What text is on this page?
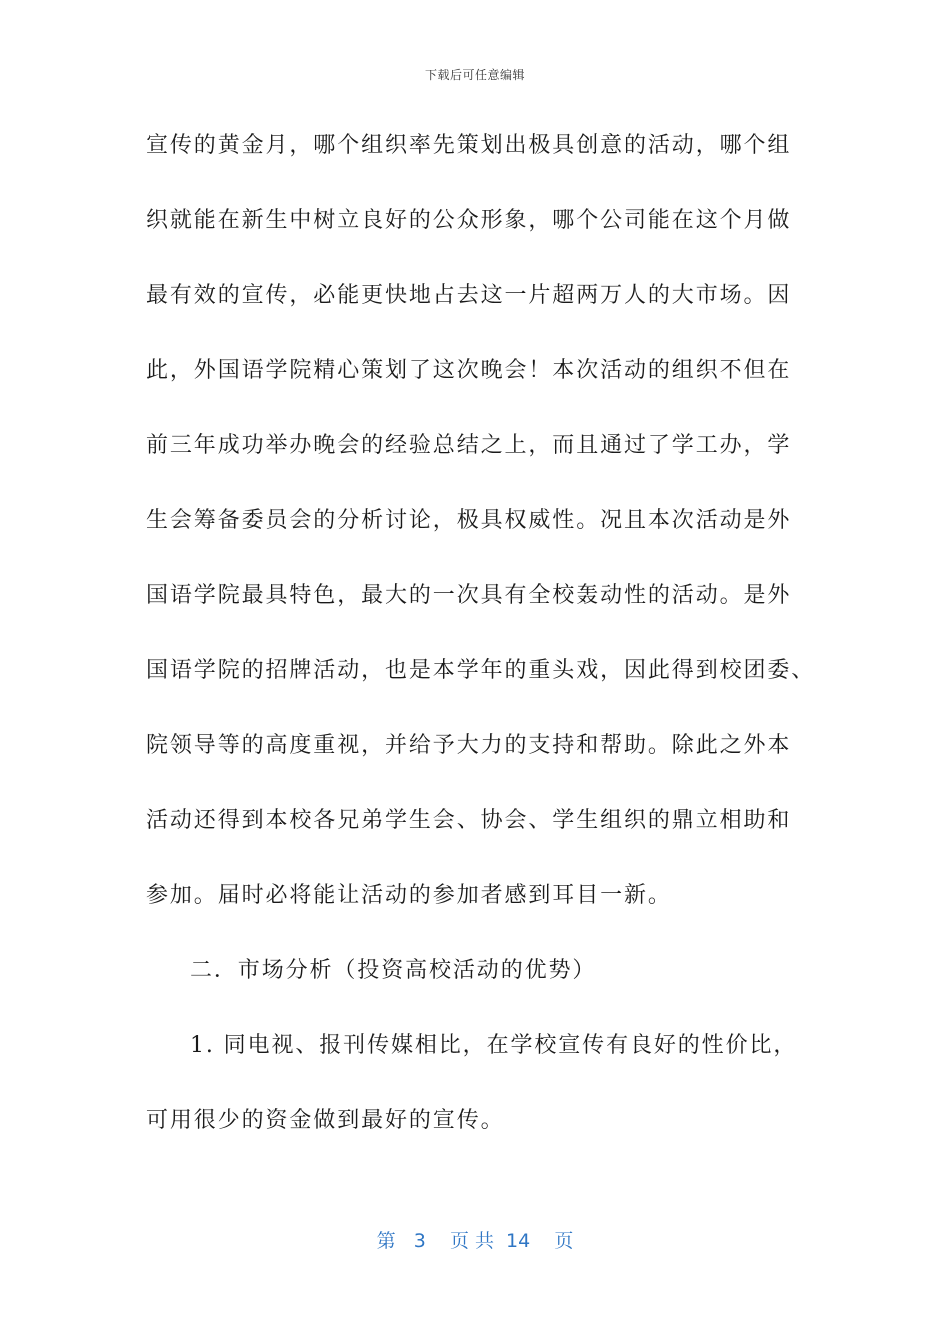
下载后可任意编辑
宣传的黄金月，哪个组织率先策划出极具创意的活动，哪个组
织就能在新生中树立良好的公众形象，哪个公司能在这个月做
最有效的宣传，必能更快地占去这一片超两万人的大市场。因
此，外国语学院精心策划了这次晚会！本次活动的组织不但在
前三年成功举办晚会的经验总结之上，而且通过了学工办，学
生会筹备委员会的分析讨论，极具权威性。况且本次活动是外
国语学院最具特色，最大的一次具有全校轰动性的活动。是外
国语学院的招牌活动，也是本学年的重头戏，因此得到校团委、
院领导等的高度重视，并给予大力的支持和帮助。除此之外本
活动还得到本校各兄弟学生会、协会、学生组织的鼎立相助和
参加。届时必将能让活动的参加者感到耳目一新。
二．市场分析（投资高校活动的优势）
1. 同电视、报刊传媒相比，在学校宣传有良好的性价比，
可用很少的资金做到最好的宣传。
第   3    页 共  14    页
